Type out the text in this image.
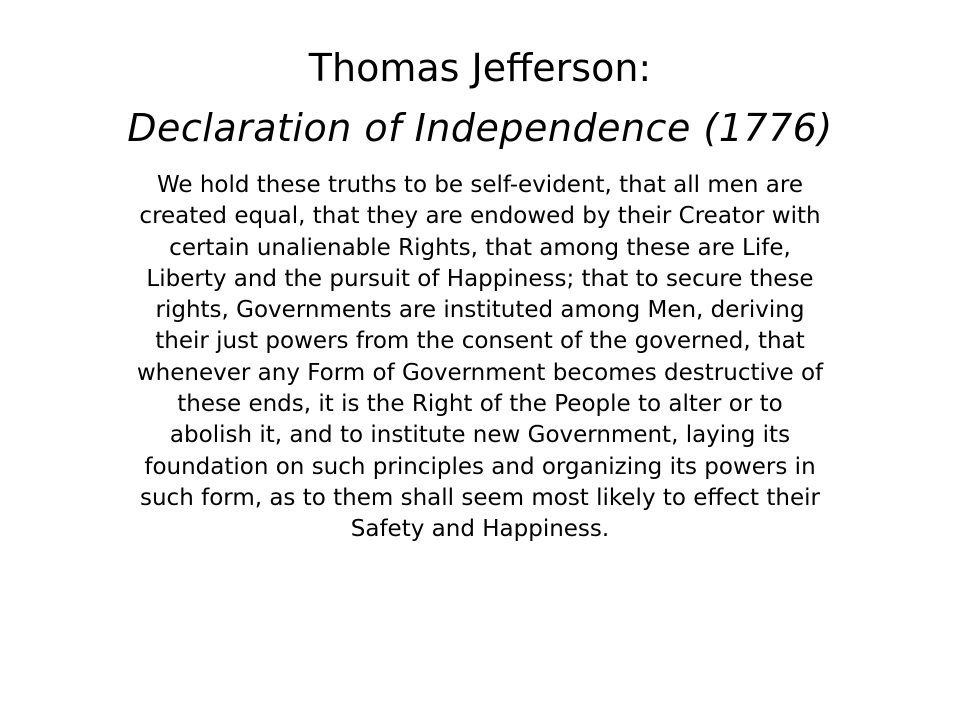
Thomas Jefferson:
Declaration of Independence (1776)
We hold these truths to be self-evident, that all men are
created equal, that they are endowed by their Creator with
certain unalienable Rights, that among these are Life,
Liberty and the pursuit of Happiness; that to secure these
rights, Governments are instituted among Men, deriving
their just powers from the consent of the governed, that
whenever any Form of Government becomes destructive of
these ends, it is the Right of the People to alter or to
abolish it, and to institute new Government, laying its
foundation on such principles and organizing its powers in
such form, as to them shall seem most likely to effect their
Safety and Happiness.
